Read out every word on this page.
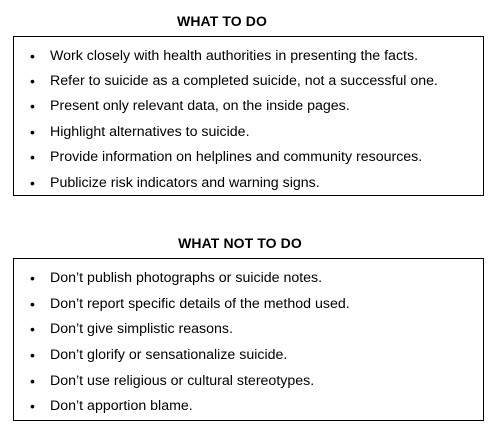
WHAT TO DO
• Work closely with health authorities in presenting the facts.
• Refer to suicide as a completed suicide, not a successful one.
• Present only relevant data, on the inside pages.
• Highlight alternatives to suicide.
• Provide information on helplines and community resources.
• Publicize risk indicators and warning signs.
WHAT NOT TO DO
• Don’t publish photographs or suicide notes.
• Don’t report specific details of the method used.
• Don’t give simplistic reasons.
• Don’t glorify or sensationalize suicide.
• Don’t use religious or cultural stereotypes.
• Don’t apportion blame.
